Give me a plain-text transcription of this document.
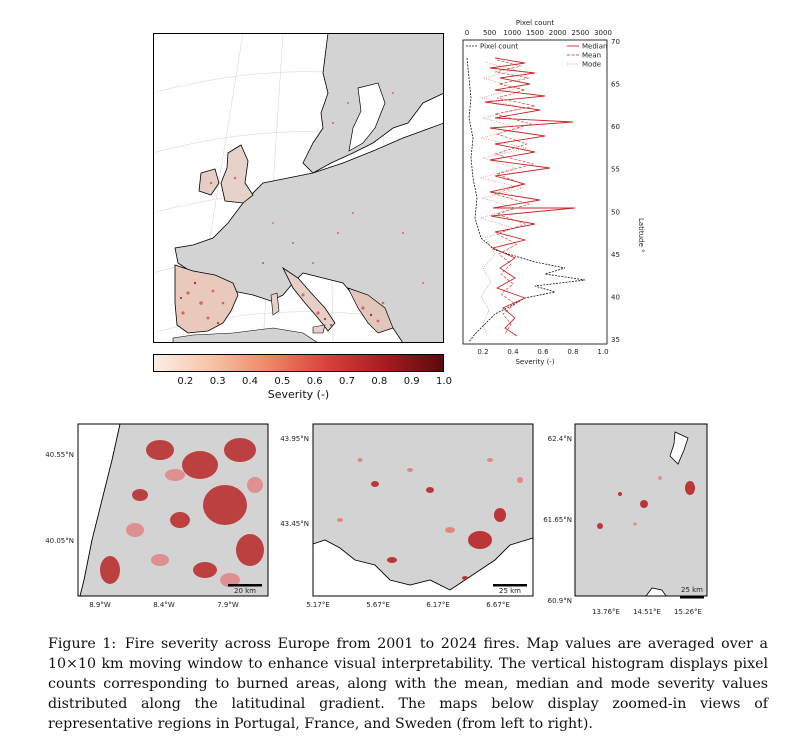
0.2 0.3 0.4 0.5 0.6 0.7 0.8 0.9 1.0
Severity (-)
Pixel count
0 500 1000 1500 2000 2500 3000
35
40
45
50
55
60
65
70
Latitude °
0.2	0.4	0.6	0.8	1.0
Severity (-)
Pixel count	Median
Mean
Mode
20 km
40.55°N
40.05°N
8.9°W	8.4°W	7.9°W
25 km
43.95°N
43.45°N
5.17°E	5.67°E	6.17°E	6.67°E
25 km
62.4°N
61.65°N
60.9°N
13.76°E 14.51°E 15.26°E
Figure 1: Fire severity across Europe from 2001 to 2024 fires. Map values are averaged over a 10×10 km moving window to enhance visual interpretability. The vertical histogram displays pixel counts corresponding to burned areas, along with the mean, median and mode severity values distributed along the latitudinal gradient. The maps below display zoomed-in views of representative regions in Portugal, France, and Sweden (from left to right).
